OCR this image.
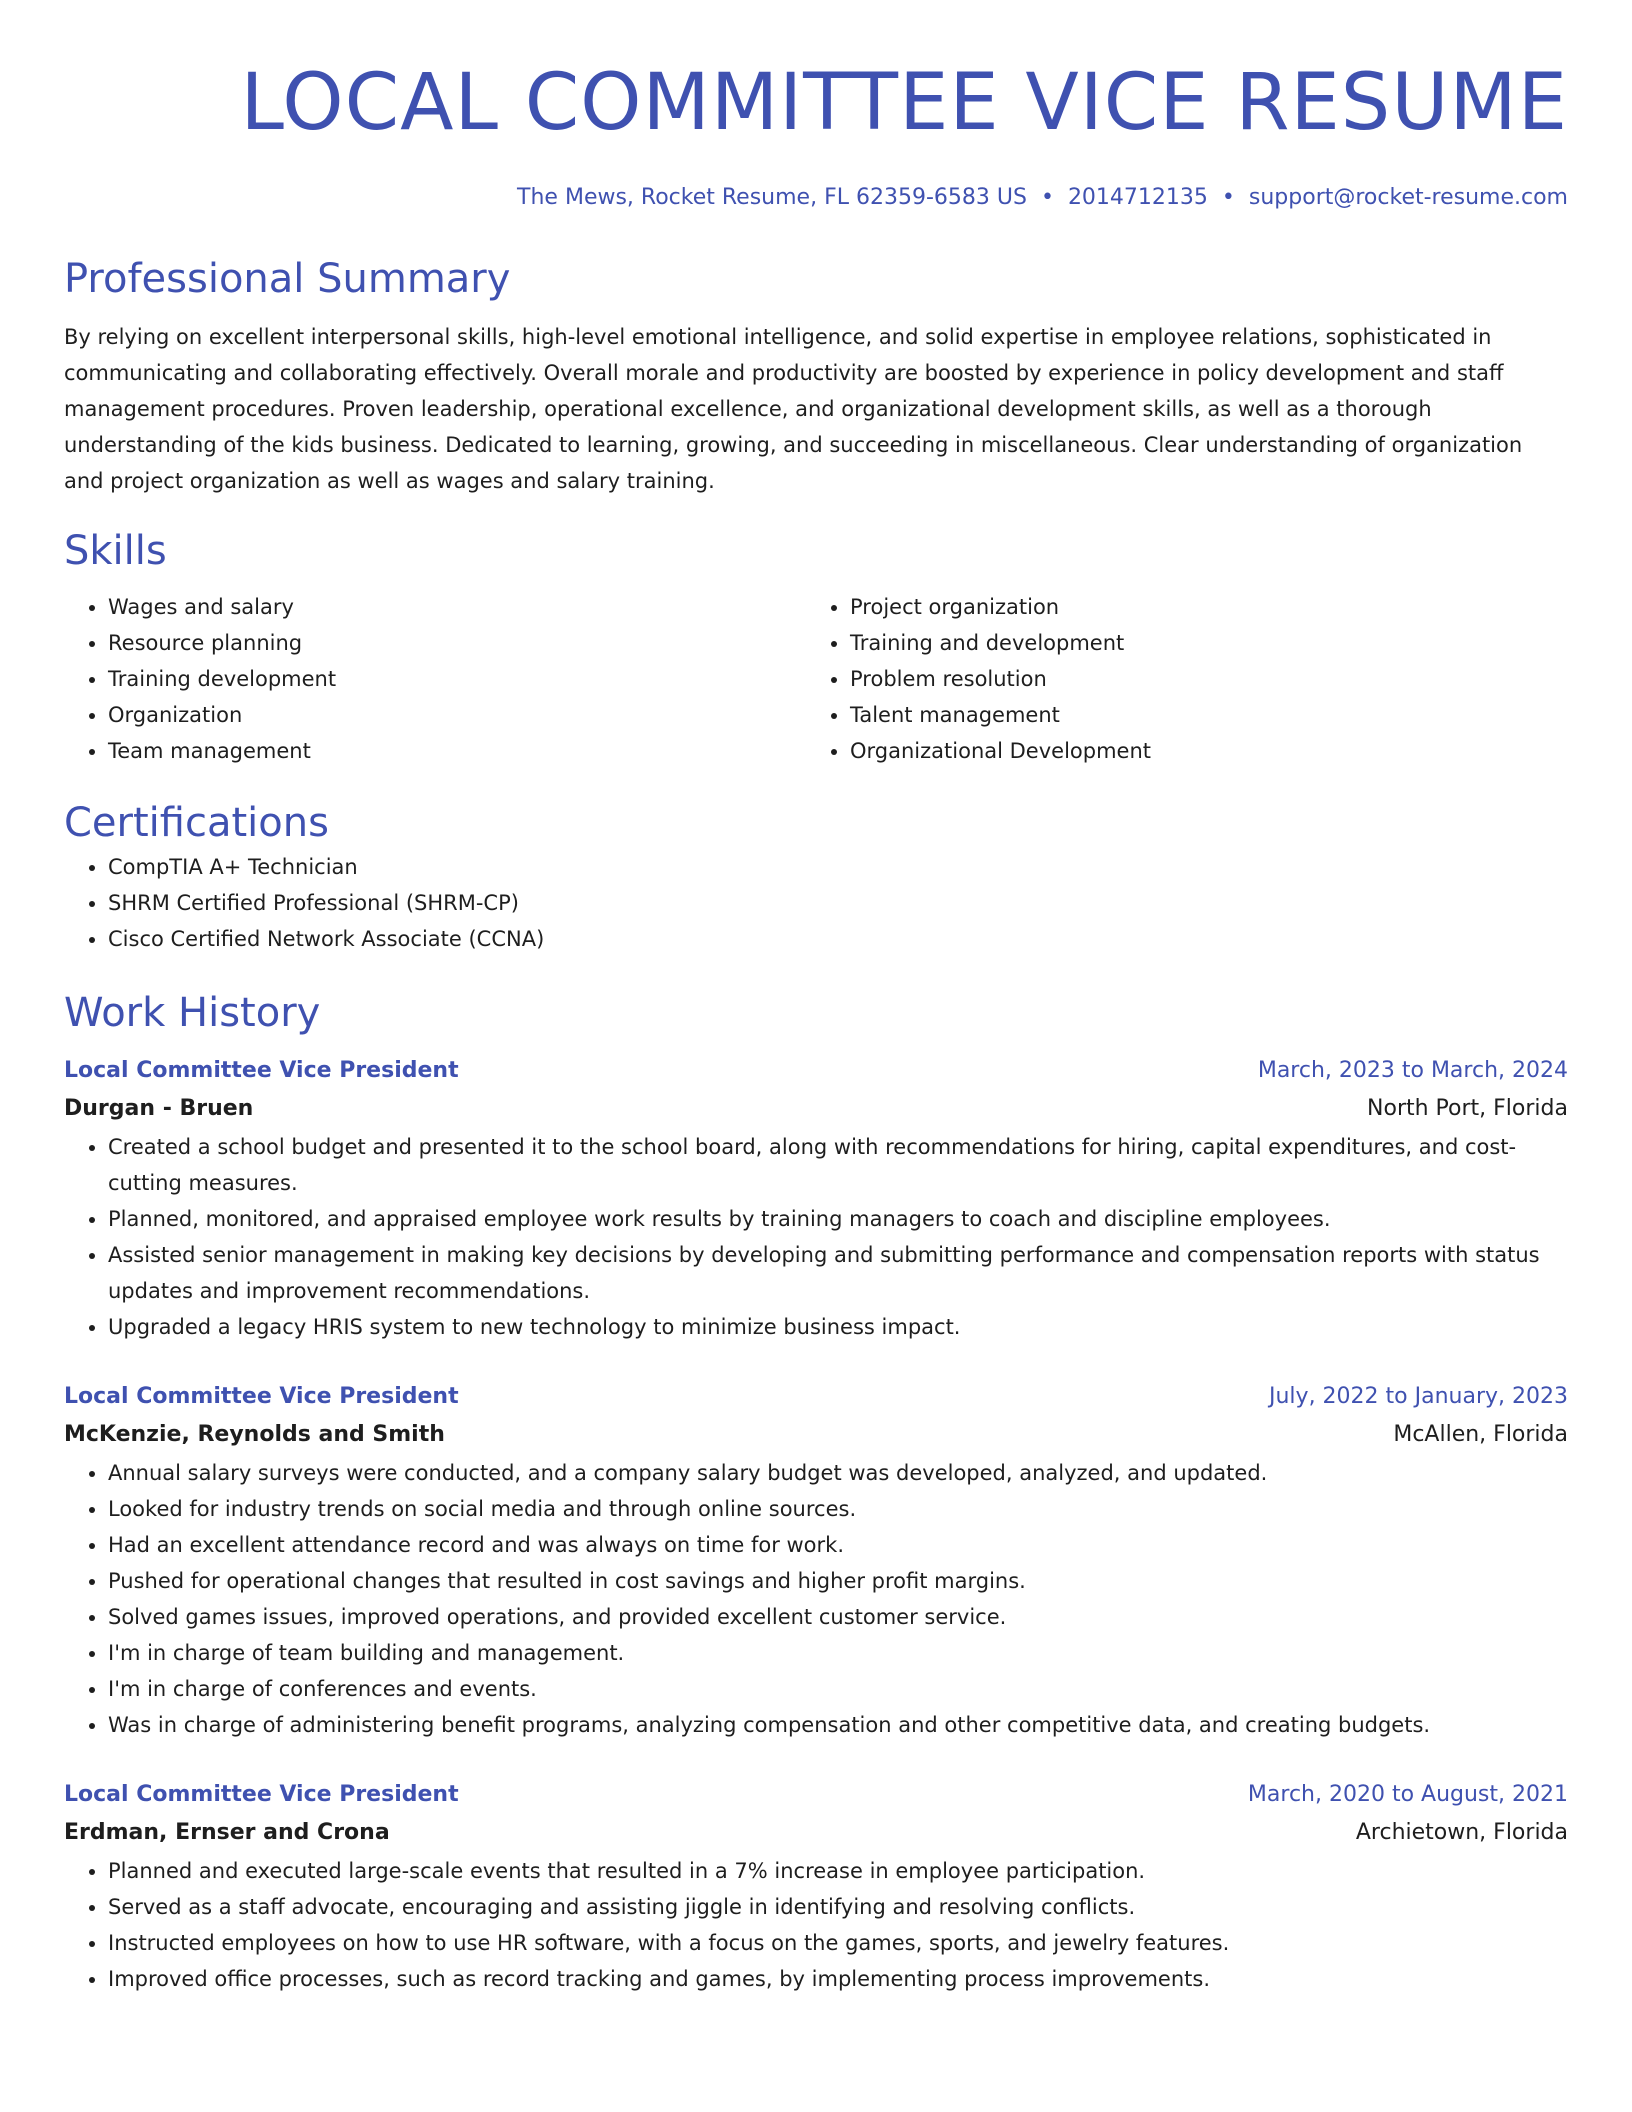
LOCAL COMMITTEE VICE RESUME
The Mews, Rocket Resume, FL 62359-6583 US • 2014712135 • support@rocket-resume.com
Professional Summary

By relying on excellent interpersonal skills, high-level emotional intelligence, and solid expertise in employee relations, sophisticated in communicating and collaborating effectively. Overall morale and productivity are boosted by experience in policy development and staff management procedures. Proven leadership, operational excellence, and organizational development skills, as well as a thorough understanding of the kids business. Dedicated to learning, growing, and succeeding in miscellaneous. Clear understanding of organization and project organization as well as wages and salary training.

Skills
• Wages and salary
• Resource planning
• Training development
• Organization
• Team management
• Project organization
• Training and development
• Problem resolution
• Talent management
• Organizational Development
Certifications
• CompTIA A+ Technician
• SHRM Certified Professional (SHRM-CP)
• Cisco Certified Network Associate (CCNA)
Work History
Local Committee Vice President	March, 2023 to March, 2024
Durgan - Bruen	North Port, Florida
• Created a school budget and presented it to the school board, along with recommendations for hiring, capital expenditures, and cost-cutting measures.
• Planned, monitored, and appraised employee work results by training managers to coach and discipline employees.
• Assisted senior management in making key decisions by developing and submitting performance and compensation reports with status updates and improvement recommendations.
• Upgraded a legacy HRIS system to new technology to minimize business impact.
Local Committee Vice President	July, 2022 to January, 2023
McKenzie, Reynolds and Smith	McAllen, Florida
• Annual salary surveys were conducted, and a company salary budget was developed, analyzed, and updated.
• Looked for industry trends on social media and through online sources.
• Had an excellent attendance record and was always on time for work.
• Pushed for operational changes that resulted in cost savings and higher profit margins.
• Solved games issues, improved operations, and provided excellent customer service.
• I'm in charge of team building and management.
• I'm in charge of conferences and events.
• Was in charge of administering benefit programs, analyzing compensation and other competitive data, and creating budgets.
Local Committee Vice President	March, 2020 to August, 2021
Erdman, Ernser and Crona	Archietown, Florida
• Planned and executed large-scale events that resulted in a 7% increase in employee participation.
• Served as a staff advocate, encouraging and assisting jiggle in identifying and resolving conflicts.
• Instructed employees on how to use HR software, with a focus on the games, sports, and jewelry features.
• Improved office processes, such as record tracking and games, by implementing process improvements.
